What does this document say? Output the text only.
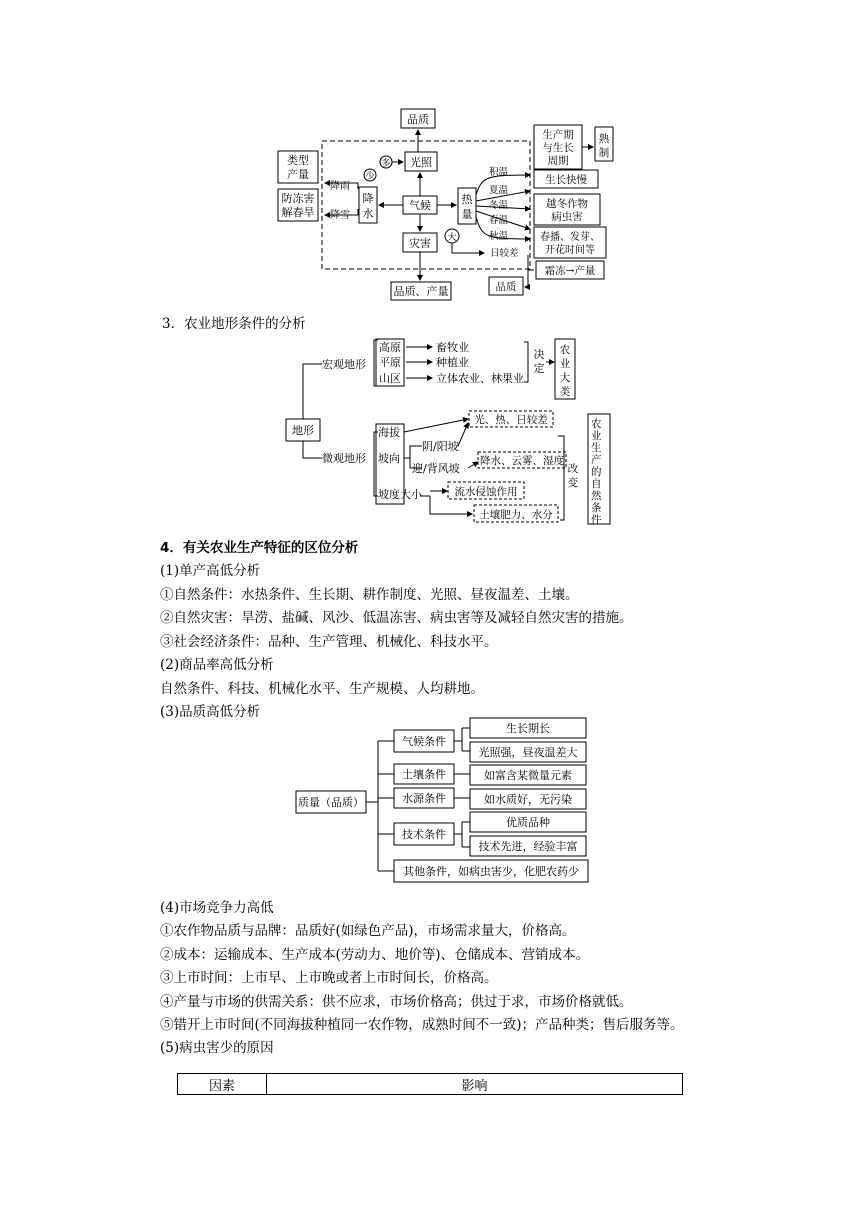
品质
类型
产量
防冻害
解春旱
降雨
降雪
降
水
多
少
光照
气候
灾害
品质、产量
热
量
大
积温
夏温
冬温
春温
秋温
日较差
生产期
与生长
周期
熟
制
生长快慢
越冬作物
病虫害
春播、发芽、
开花时间等
霜冻→产量
品质
3．农业地形条件的分析
地形
宏观地形
微观地形
高原
平原
山区
畜牧业
种植业
立体农业、林果业
决
定
农
业
大
类
海拔
坡向
坡度大小
阴/阳坡
迎/背风坡
光、热、日较差
降水、云雾、湿度
流水侵蚀作用
土壤肥力、水分
改
变
农业生产的自然条件
4．有关农业生产特征的区位分析
(1)单产高低分析
①自然条件：水热条件、生长期、耕作制度、光照、昼夜温差、土壤。
②自然灾害：旱涝、盐碱、风沙、低温冻害、病虫害等及减轻自然灾害的措施。
③社会经济条件：品种、生产管理、机械化、科技水平。
(2)商品率高低分析
自然条件、科技、机械化水平、生产规模、人均耕地。
(3)品质高低分析
质量（品质）
气候条件
土壤条件
水源条件
技术条件
其他条件，如病虫害少，化肥农药少
生长期长
光照强，昼夜温差大
如富含某微量元素
如水质好，无污染
优质品种
技术先进，经验丰富
(4)市场竞争力高低
①农作物品质与品牌：品质好(如绿色产品)，市场需求量大，价格高。
②成本：运输成本、生产成本(劳动力、地价等)、仓储成本、营销成本。
③上市时间：上市早、上市晚或者上市时间长，价格高。
④产量与市场的供需关系：供不应求，市场价格高；供过于求，市场价格就低。
⑤错开上市时间(不同海拔种植同一农作物，成熟时间不一致)；产品种类；售后服务等。
(5)病虫害少的原因
因素	影响
